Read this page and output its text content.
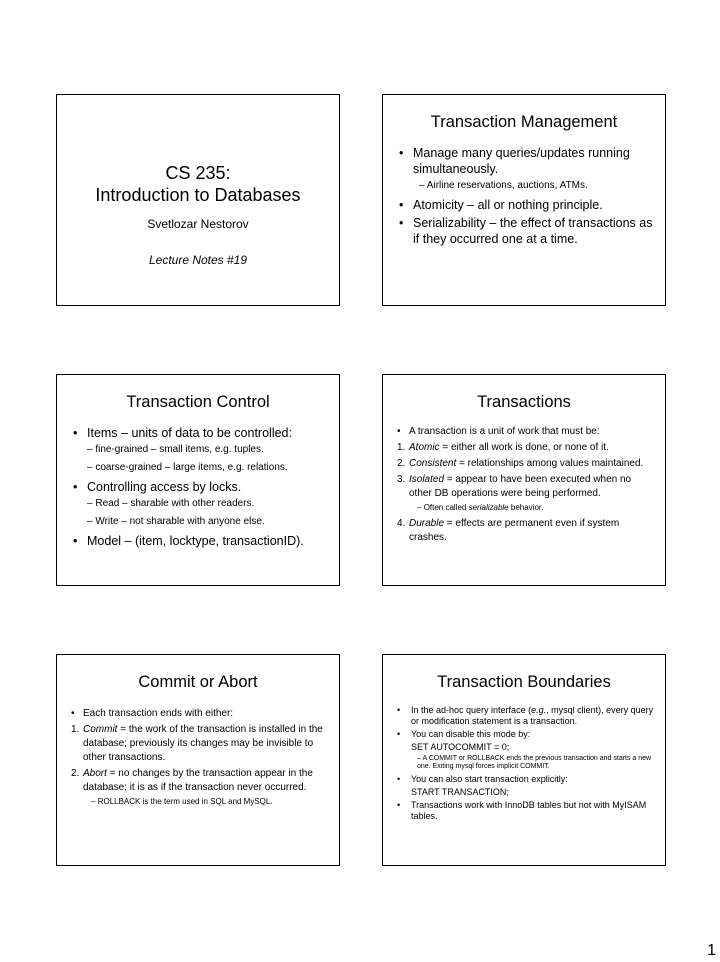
CS 235:
Introduction to Databases
Svetlozar Nestorov
Lecture Notes #19
Transaction Management
• Manage many queries/updates running simultaneously.
– Airline reservations, auctions, ATMs.
• Atomicity – all or nothing principle.
• Serializability – the effect of transactions as if they occurred one at a time.
Transaction Control
• Items – units of data to be controlled:
– fine-grained – small items, e.g. tuples.
– coarse-grained – large items, e.g. relations.
• Controlling access by locks.
– Read – sharable with other readers.
– Write – not sharable with anyone else.
• Model – (item, locktype, transactionID).
Transactions
• A transaction is a unit of work that must be:
1. Atomic = either all work is done, or none of it.
2. Consistent = relationships among values maintained.
3. Isolated = appear to have been executed when no other DB operations were being performed.
– Often called serializable behavior.
4. Durable = effects are permanent even if system crashes.
Commit or Abort
• Each transaction ends with either:
1. Commit = the work of the transaction is installed in the database; previously its changes may be invisible to other transactions.
2. Abort = no changes by the transaction appear in the database; it is as if the transaction never occurred.
– ROLLBACK is the term used in SQL and MySQL.
Transaction Boundaries
• In the ad-hoc query interface (e.g., mysql client), every query or modification statement is a transaction.
• You can disable this mode by:
SET AUTOCOMMIT = 0;
– A COMMIT or ROLLBACK ends the previous transaction and starts a new one. Exiting mysql forces implicit COMMIT.
• You can also start transaction explicitly:
START TRANSACTION;
• Transactions work with InnoDB tables but not with MyISAM tables.
1
